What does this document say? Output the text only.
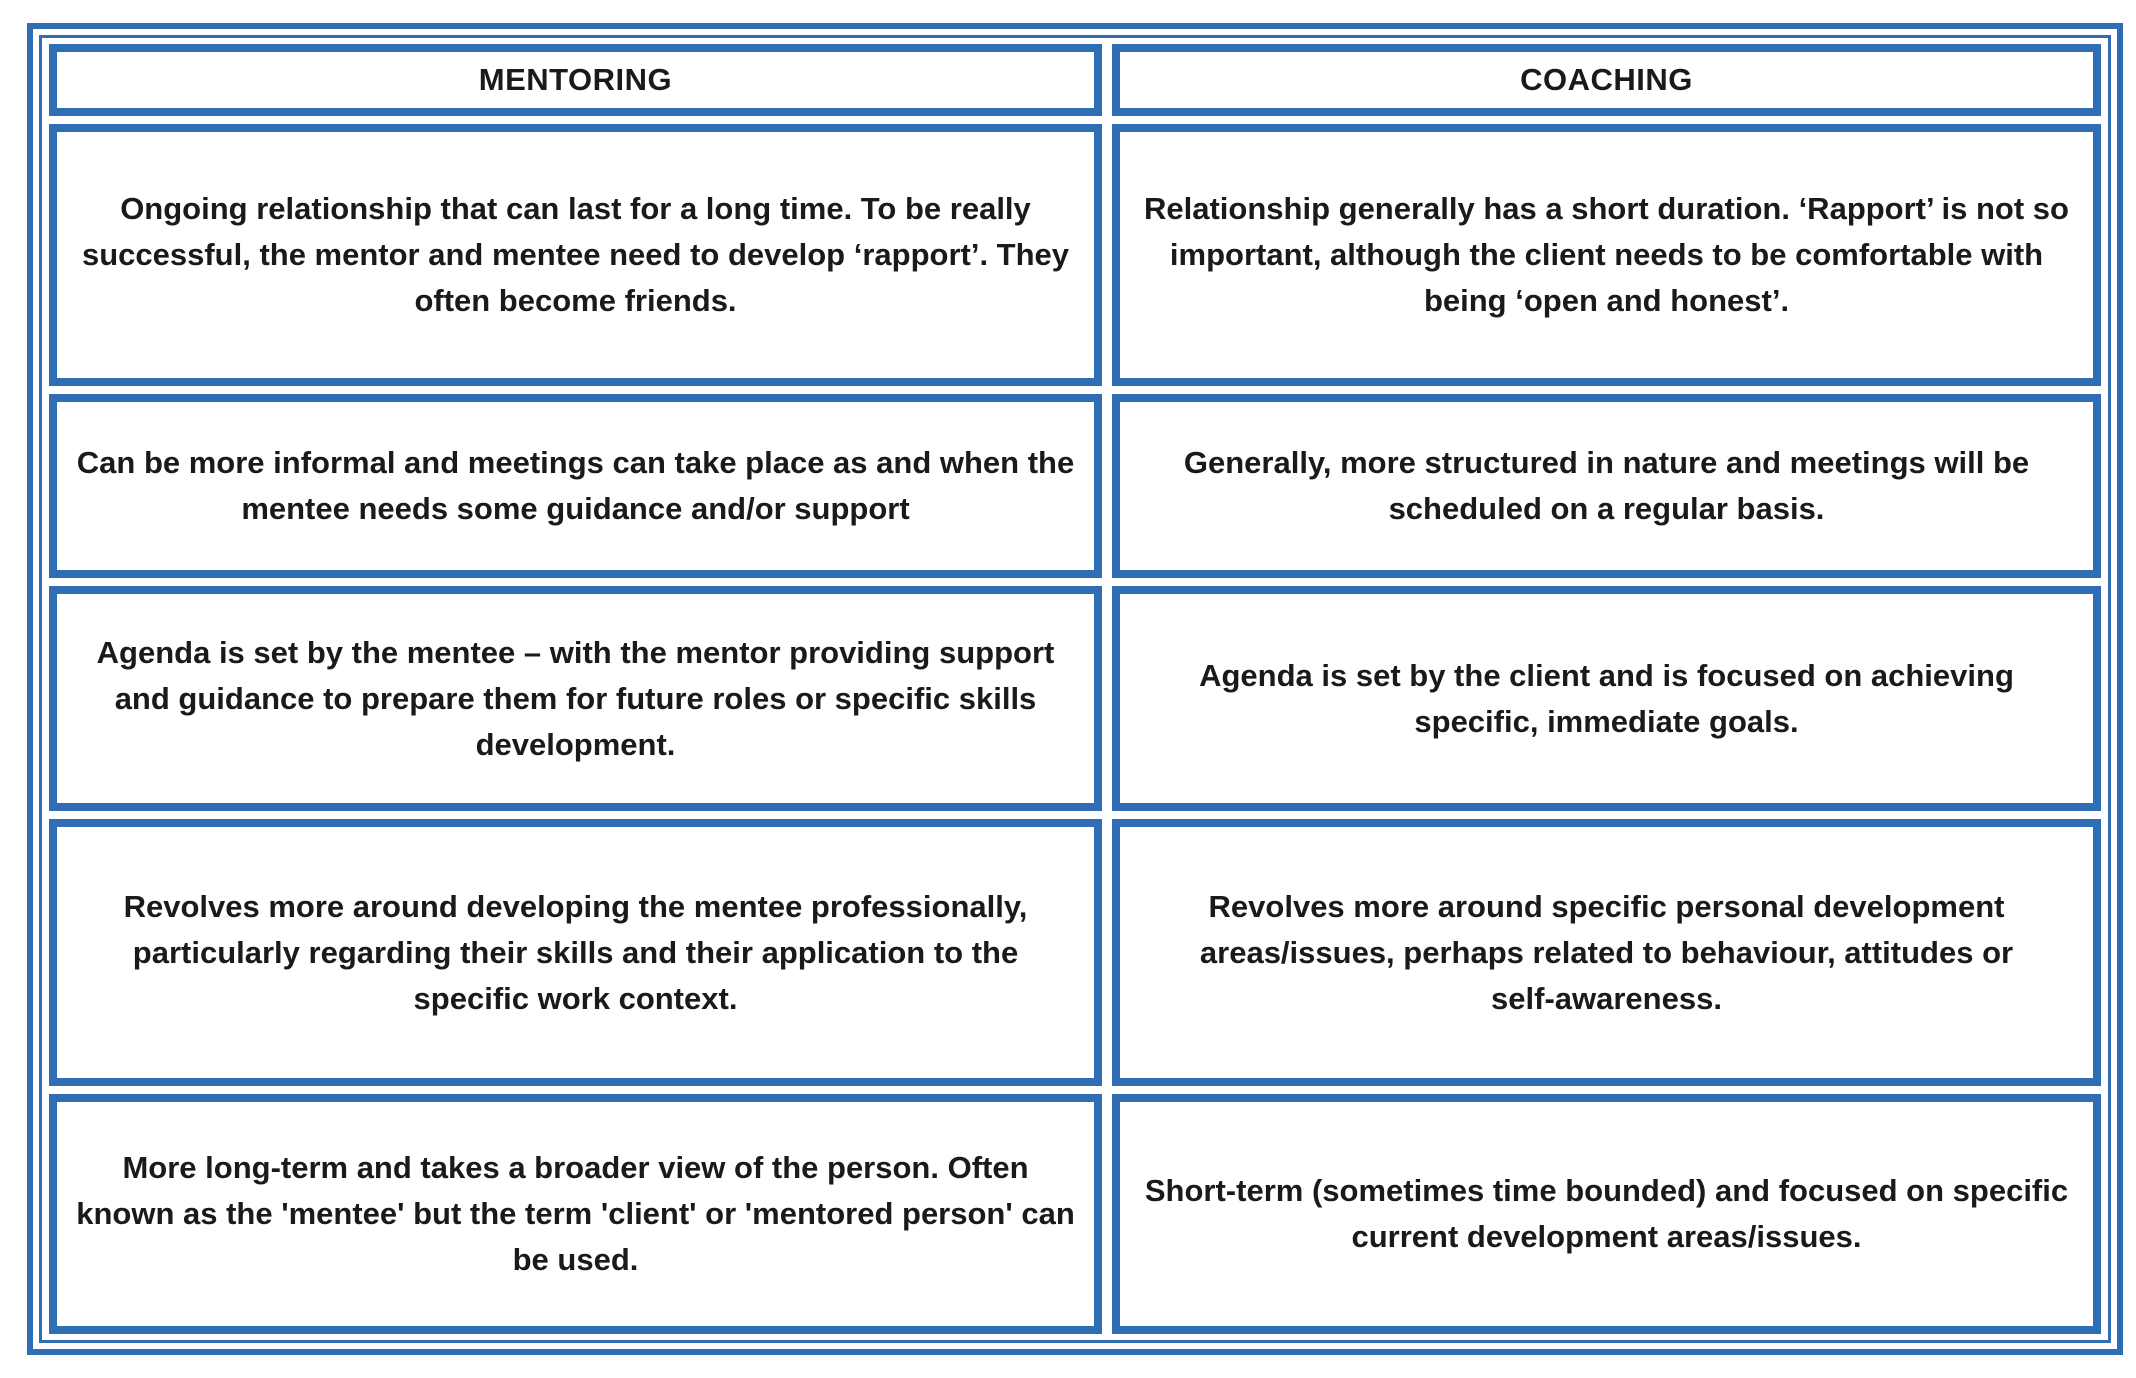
MENTORING	COACHING
Ongoing relationship that can last for a long time. To be really successful, the mentor and mentee need to develop ‘rapport’. They often become friends.
Relationship generally has a short duration. ‘Rapport’ is not so important, although the client needs to be comfortable with being ‘open and honest’.
Can be more informal and meetings can take place as and when the mentee needs some guidance and/or support
Generally, more structured in nature and meetings will be scheduled on a regular basis.
Agenda is set by the mentee – with the mentor providing support and guidance to prepare them for future roles or specific skills development.
Agenda is set by the client and is focused on achieving specific, immediate goals.
Revolves more around developing the mentee professionally, particularly regarding their skills and their application to the specific work context.
Revolves more around specific personal development areas/issues, perhaps related to behaviour, attitudes or self-awareness.
More long-term and takes a broader view of the person. Often known as the 'mentee' but the term 'client' or 'mentored person' can be used.
Short-term (sometimes time bounded) and focused on specific current development areas/issues.
